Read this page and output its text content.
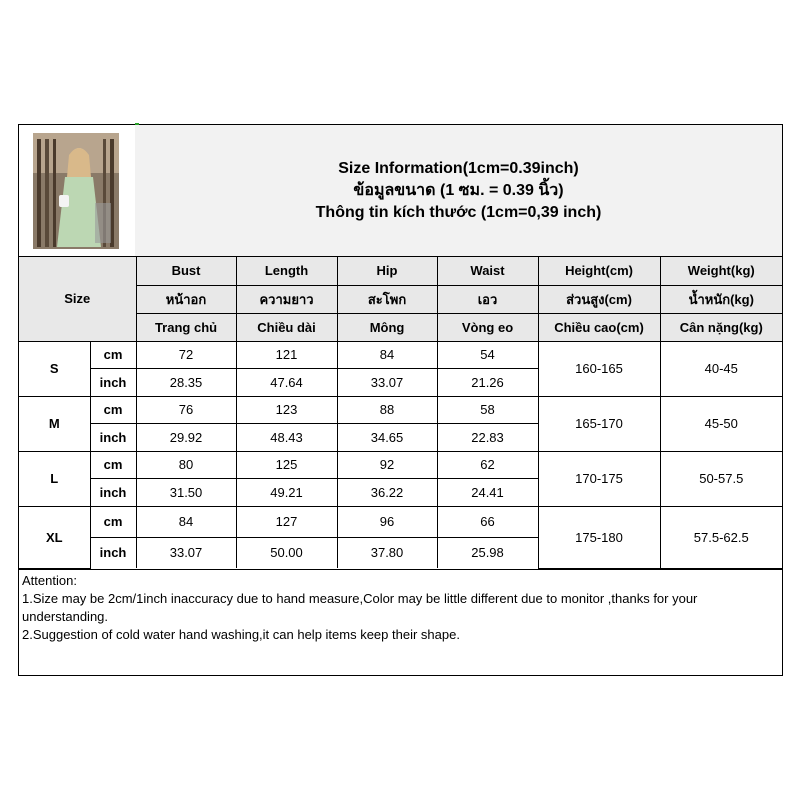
Size Information(1cm=0.39inch)
ข้อมูลขนาด (1 ซม. = 0.39 นิ้ว)
Thông tin kích thước (1cm=0,39 inch)
Size		Bust	Length	Hip	Waist	Height(cm)	Weight(kg)
		หน้าอก	ความยาว	สะโพก	เอว	ส่วนสูง(cm)	น้ำหนัก(kg)
		Trang chủ	Chiều dài	Mông	Vòng eo	Chiều cao(cm)	Cân nặng(kg)
S	cm	72	121	84	54	160-165	40-45
	inch	28.35	47.64	33.07	21.26		
M	cm	76	123	88	58	165-170	45-50
	inch	29.92	48.43	34.65	22.83		
L	cm	80	125	92	62	170-175	50-57.5
	inch	31.50	49.21	36.22	24.41		
XL	cm	84	127	96	66	175-180	57.5-62.5
	inch	33.07	50.00	37.80	25.98		
Attention:
1.Size may be 2cm/1inch inaccuracy due to hand measure,Color may be little different due to monitor ,thanks for your understanding.
2.Suggestion of cold water hand washing,it can help items keep their shape.
